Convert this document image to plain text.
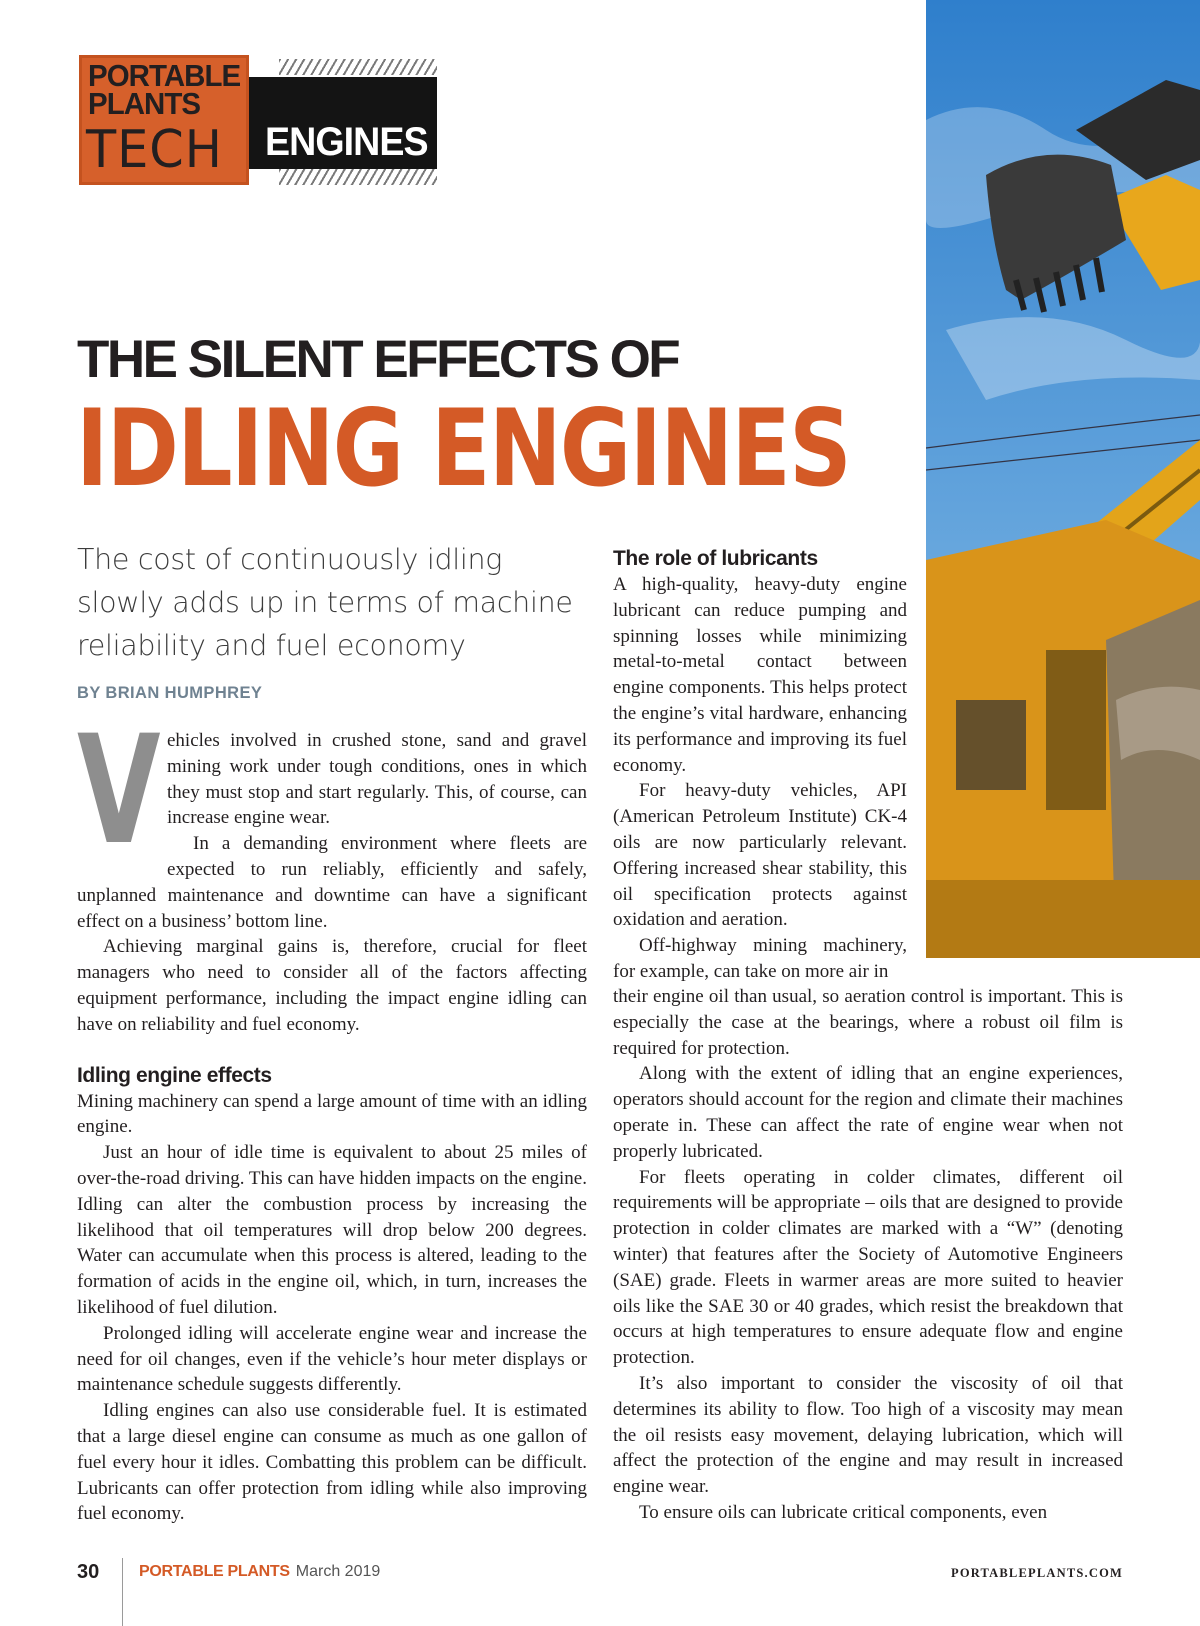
PORTABLE
PLANTS
TECH ENGINES
THE SILENT EFFECTS OF
IDLING ENGINES
The cost of continuously idling slowly adds up in terms of machine reliability and fuel economy
BY BRIAN HUMPHREY
V ehicles involved in crushed stone, sand and gravel mining work under tough conditions, ones in which they must stop and start regularly. This, of course, can increase engine wear.

In a demanding environment where fleets are expected to run reliably, efficiently and safely, unplanned maintenance and downtime can have a significant effect on a business’ bottom line.

Achieving marginal gains is, therefore, crucial for fleet managers who need to consider all of the factors affecting equipment performance, including the impact engine idling can have on reliability and fuel economy.

Idling engine effects

Mining machinery can spend a large amount of time with an idling engine.

Just an hour of idle time is equivalent to about 25 miles of over-the-road driving. This can have hidden impacts on the engine. Idling can alter the combustion process by increasing the likelihood that oil temperatures will drop below 200 degrees. Water can accumulate when this process is altered, leading to the formation of acids in the engine oil, which, in turn, increases the likelihood of fuel dilution.

Prolonged idling will accelerate engine wear and increase the need for oil changes, even if the vehicle’s hour meter displays or maintenance schedule suggests differently.

Idling engines can also use considerable fuel. It is estimated that a large diesel engine can consume as much as one gallon of fuel every hour it idles. Combatting this problem can be difficult. Lubricants can offer protection from idling while also improving fuel economy.

The role of lubricants

A high-quality, heavy-duty engine lubricant can reduce pumping and spinning losses while minimizing metal-to-metal contact between engine components. This helps protect the engine’s vital hardware, enhancing its performance and improving its fuel economy.

For heavy-duty vehicles, API (American Petroleum Institute) CK-4 oils are now particularly relevant. Offering increased shear stability, this oil specification protects against oxidation and aeration.

Off-highway mining machinery, for example, can take on more air in

their engine oil than usual, so aeration control is important. This is especially the case at the bearings, where a robust oil film is required for protection.

Along with the extent of idling that an engine experiences, operators should account for the region and climate their machines operate in. These can affect the rate of engine wear when not properly lubricated.

For fleets operating in colder climates, different oil requirements will be appropriate – oils that are designed to provide protection in colder climates are marked with a “W” (denoting winter) that features after the Society of Automotive Engineers (SAE) grade. Fleets in warmer areas are more suited to heavier oils like the SAE 30 or 40 grades, which resist the breakdown that occurs at high temperatures to ensure adequate flow and engine protection.

It’s also important to consider the viscosity of oil that determines its ability to flow. Too high of a viscosity may mean the oil resists easy movement, delaying lubrication, which will affect the protection of the engine and may result in increased engine wear.

To ensure oils can lubricate critical components, even

30 PORTABLE PLANTS March 2019	PORTABLEPLANTS.COM
